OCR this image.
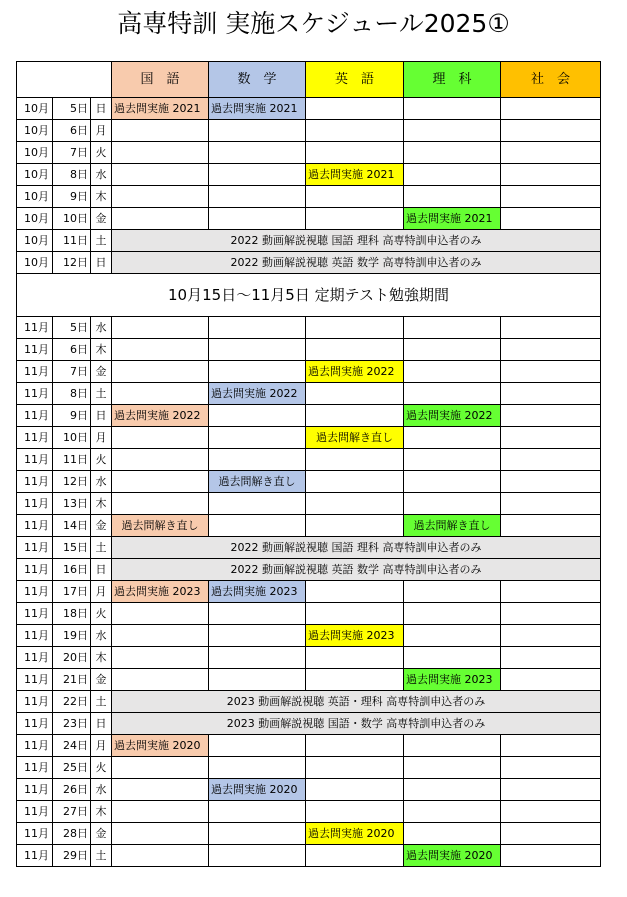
高専特訓 実施スケジュール2025①
			国　語	数　学	英　語	理　科	社　会
10月	5日	日	過去問実施 2021	過去問実施 2021			
10月	6日	月					
10月	7日	火					
10月	8日	水			過去問実施 2021		
10月	9日	木					
10月	10日	金				過去問実施 2021	
10月	11日	土	2022 動画解説視聴 国語 理科 高専特訓申込者のみ				
10月	12日	日	2022 動画解説視聴 英語 数学 高専特訓申込者のみ				
10月15日～11月5日 定期テスト勉強期間							
11月	5日	水					
11月	6日	木					
11月	7日	金			過去問実施 2022		
11月	8日	土		過去問実施 2022			
11月	9日	日	過去問実施 2022			過去問実施 2022	
11月	10日	月			過去問解き直し		
11月	11日	火					
11月	12日	水		過去問解き直し			
11月	13日	木					
11月	14日	金	過去問解き直し			過去問解き直し	
11月	15日	土	2022 動画解説視聴 国語 理科 高専特訓申込者のみ				
11月	16日	日	2022 動画解説視聴 英語 数学 高専特訓申込者のみ				
11月	17日	月	過去問実施 2023	過去問実施 2023			
11月	18日	火					
11月	19日	水			過去問実施 2023		
11月	20日	木					
11月	21日	金				過去問実施 2023	
11月	22日	土	2023 動画解説視聴 英語・理科 高専特訓申込者のみ				
11月	23日	日	2023 動画解説視聴 国語・数学 高専特訓申込者のみ				
11月	24日	月	過去問実施 2020				
11月	25日	火					
11月	26日	水		過去問実施 2020			
11月	27日	木					
11月	28日	金			過去問実施 2020		
11月	29日	土				過去問実施 2020	
